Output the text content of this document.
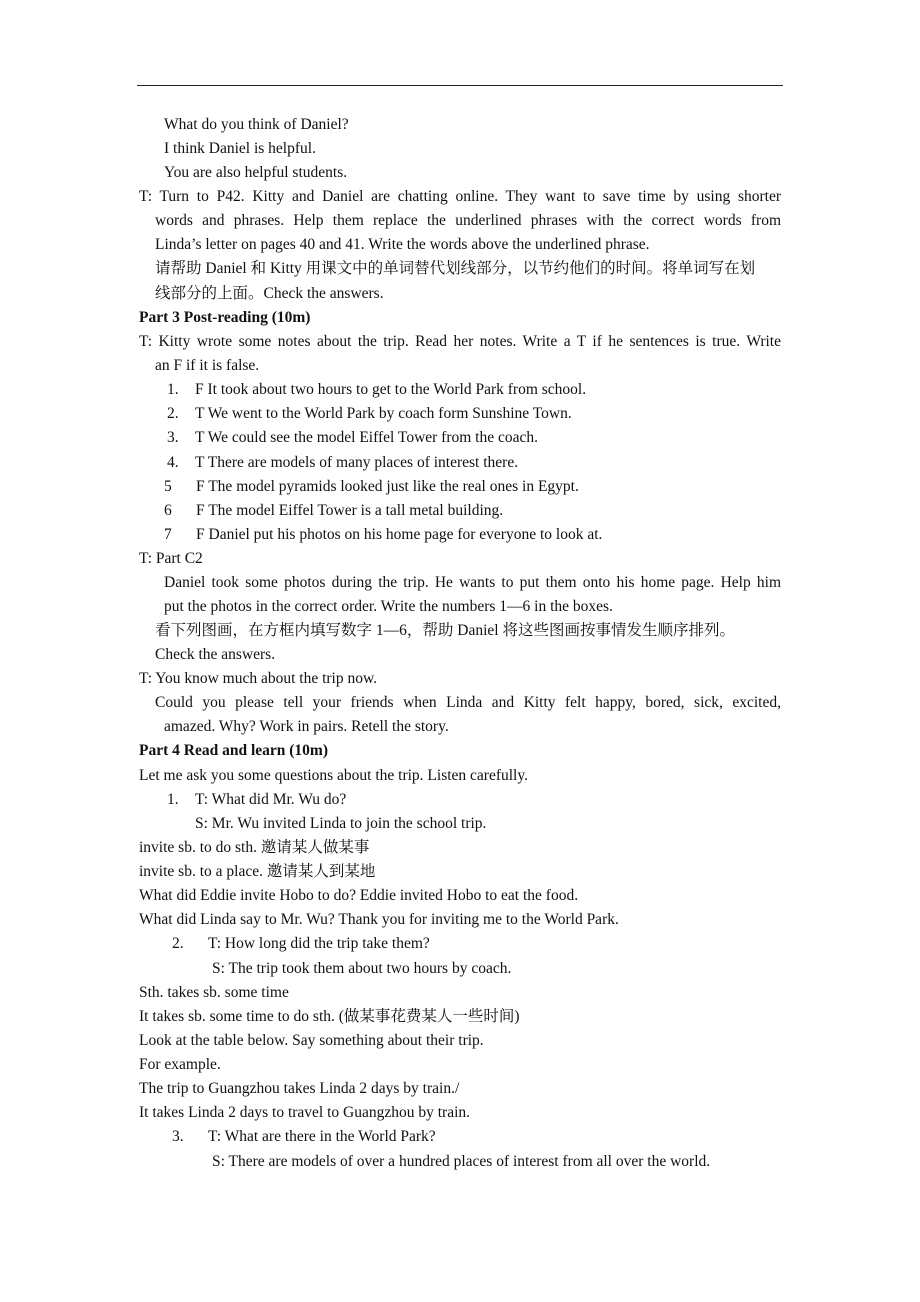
What do you think of Daniel?
I think Daniel is helpful.
You are also helpful students.
T: Turn to P42. Kitty and Daniel are chatting online. They want to save time by using shorter
words and phrases. Help them replace the underlined phrases with the correct words from
Linda’s letter on pages 40 and 41. Write the words above the underlined phrase.
请帮助 Daniel 和 Kitty 用课文中的单词替代划线部分，以节约他们的时间。将单词写在划
线部分的上面。Check the answers.
Part 3 Post-reading (10m)
T: Kitty wrote some notes about the trip. Read her notes. Write a T if he sentences is true. Write
an F if it is false.
1. F It took about two hours to get to the World Park from school.
2. T We went to the World Park by coach form Sunshine Town.
3. T We could see the model Eiffel Tower from the coach.
4. T There are models of many places of interest there.
5 F The model pyramids looked just like the real ones in Egypt.
6 F The model Eiffel Tower is a tall metal building.
7 F Daniel put his photos on his home page for everyone to look at.
T: Part C2
Daniel took some photos during the trip. He wants to put them onto his home page. Help him
put the photos in the correct order. Write the numbers 1—6 in the boxes.
看下列图画，在方框内填写数字 1—6，帮助 Daniel 将这些图画按事情发生顺序排列。
Check the answers.
T: You know much about the trip now.
Could you please tell your friends when Linda and Kitty felt happy, bored, sick, excited,
amazed. Why? Work in pairs. Retell the story.
Part 4 Read and learn (10m)
Let me ask you some questions about the trip. Listen carefully.
1. T: What did Mr. Wu do?
S: Mr. Wu invited Linda to join the school trip.
invite sb. to do sth. 邀请某人做某事
invite sb. to a place. 邀请某人到某地
What did Eddie invite Hobo to do? Eddie invited Hobo to eat the food.
What did Linda say to Mr. Wu? Thank you for inviting me to the World Park.
2. T: How long did the trip take them?
S: The trip took them about two hours by coach.
Sth. takes sb. some time
It takes sb. some time to do sth. (做某事花费某人一些时间)
Look at the table below. Say something about their trip.
For example.
The trip to Guangzhou takes Linda 2 days by train./
It takes Linda 2 days to travel to Guangzhou by train.
3. T: What are there in the World Park?
S: There are models of over a hundred places of interest from all over the world.
